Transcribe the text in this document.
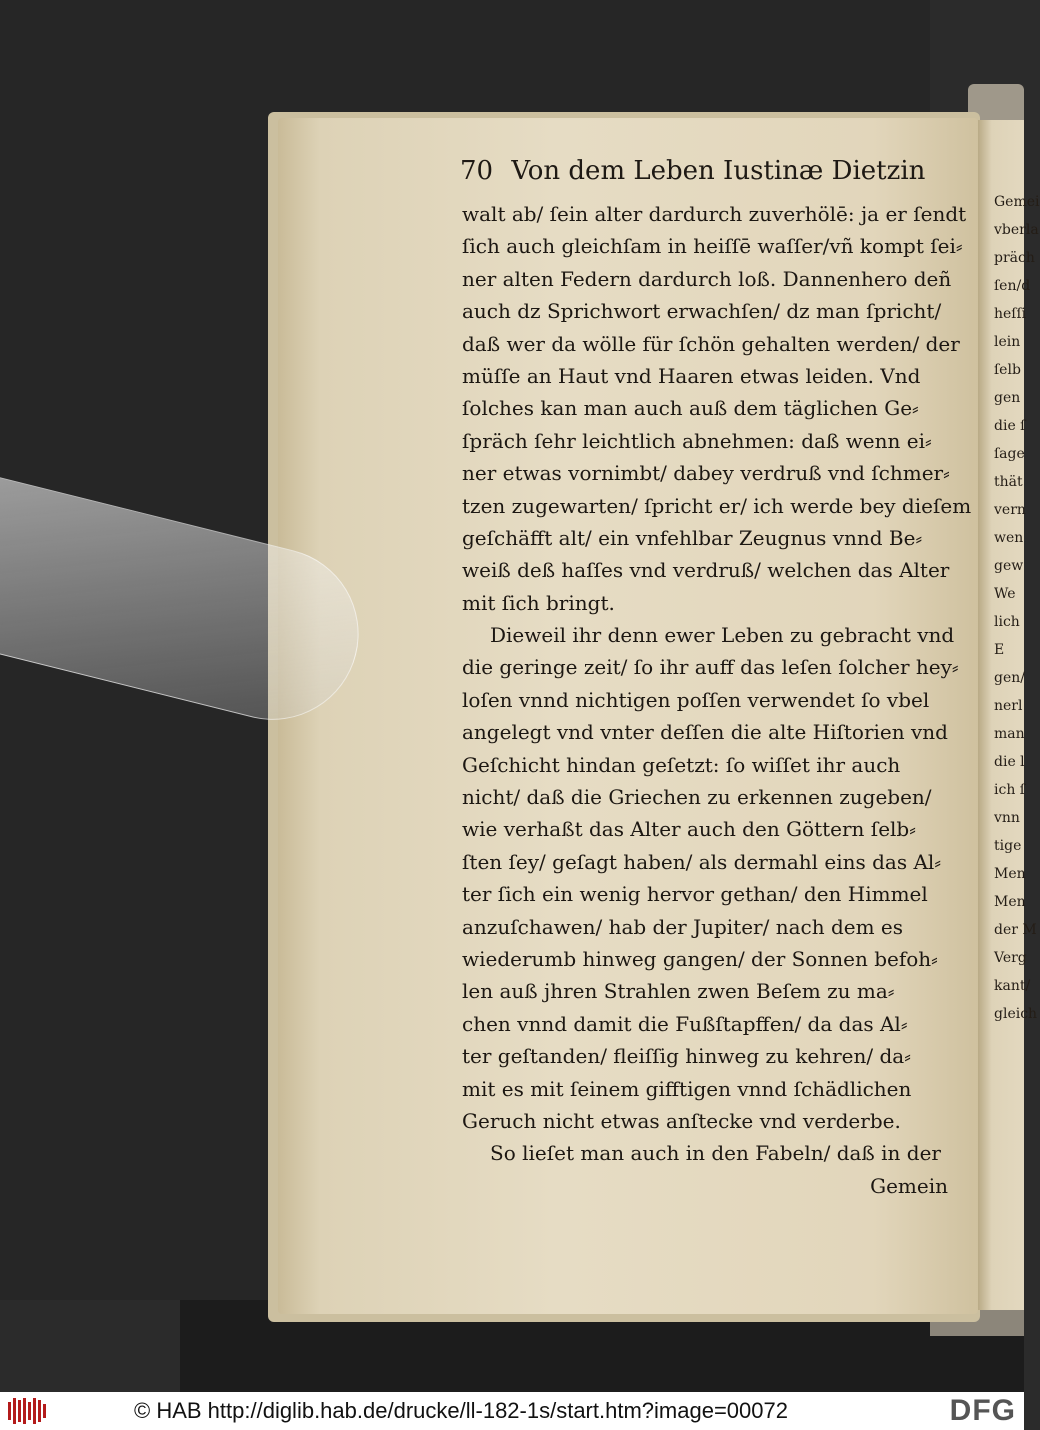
70 Von dem Leben Iustinæ Dietzin
walt ab/ ſein alter dardurch zuverhölē: ja er ſendt
ſich auch gleichſam in heiſſē waſſer/vñ kompt ſei⸗
ner alten Federn dardurch loß. Dannenhero deñ
auch dz Sprichwort erwachſen/ dz man ſpricht/
daß wer da wölle für ſchön gehalten werden/ der
müſſe an Haut vnd Haaren etwas leiden. Vnd
ſolches kan man auch auß dem täglichen Ge⸗
ſpräch ſehr leichtlich abnehmen: daß wenn ei⸗
ner etwas vornimbt/ dabey verdruß vnd ſchmer⸗
tzen zugewarten/ ſpricht er/ ich werde bey dieſem
geſchäfft alt/ ein vnfehlbar Zeugnus vnnd Be⸗
weiß deß haſſes vnd verdruß/ welchen das Alter
mit ſich bringt.
Dieweil ihr denn ewer Leben zu gebracht vnd
die geringe zeit/ ſo ihr auff das leſen ſolcher hey⸗
loſen vnnd nichtigen poſſen verwendet ſo vbel
angelegt vnd vnter deſſen die alte Hiſtorien vnd
Geſchicht hindan geſetzt: ſo wiſſet ihr auch
nicht/ daß die Griechen zu erkennen zugeben/
wie verhaßt das Alter auch den Göttern ſelb⸗
ſten ſey/ geſagt haben/ als dermahl eins das Al⸗
ter ſich ein wenig hervor gethan/ den Himmel
anzuſchawen/ hab der Jupiter/ nach dem es
wiederumb hinweg gangen/ der Sonnen befoh⸗
len auß jhren Strahlen zwen Beſem zu ma⸗
chen vnnd damit die Fußſtapffen/ da das Al⸗
ter geſtanden/ fleiſſig hinweg zu kehren/ da⸗
mit es mit ſeinem gifftigen vnnd ſchädlichen
Geruch nicht etwas anſtecke vnd verderbe.
So lieſet man auch in den Fabeln/ daß in der
Gemein
Gemei
vberla
präch
ſen/d
heſſi
lein
ſelb
gen
die ſ
ſage
thät
vern
wen
gew
We
lich
E
gen/
nerl
man
die l
ich ſ
vnn
tige
Men
Men
der M
Verg
kant/
gleich
© HAB http://diglib.hab.de/drucke/ll-182-1s/start.htm?image=00072	DFG
